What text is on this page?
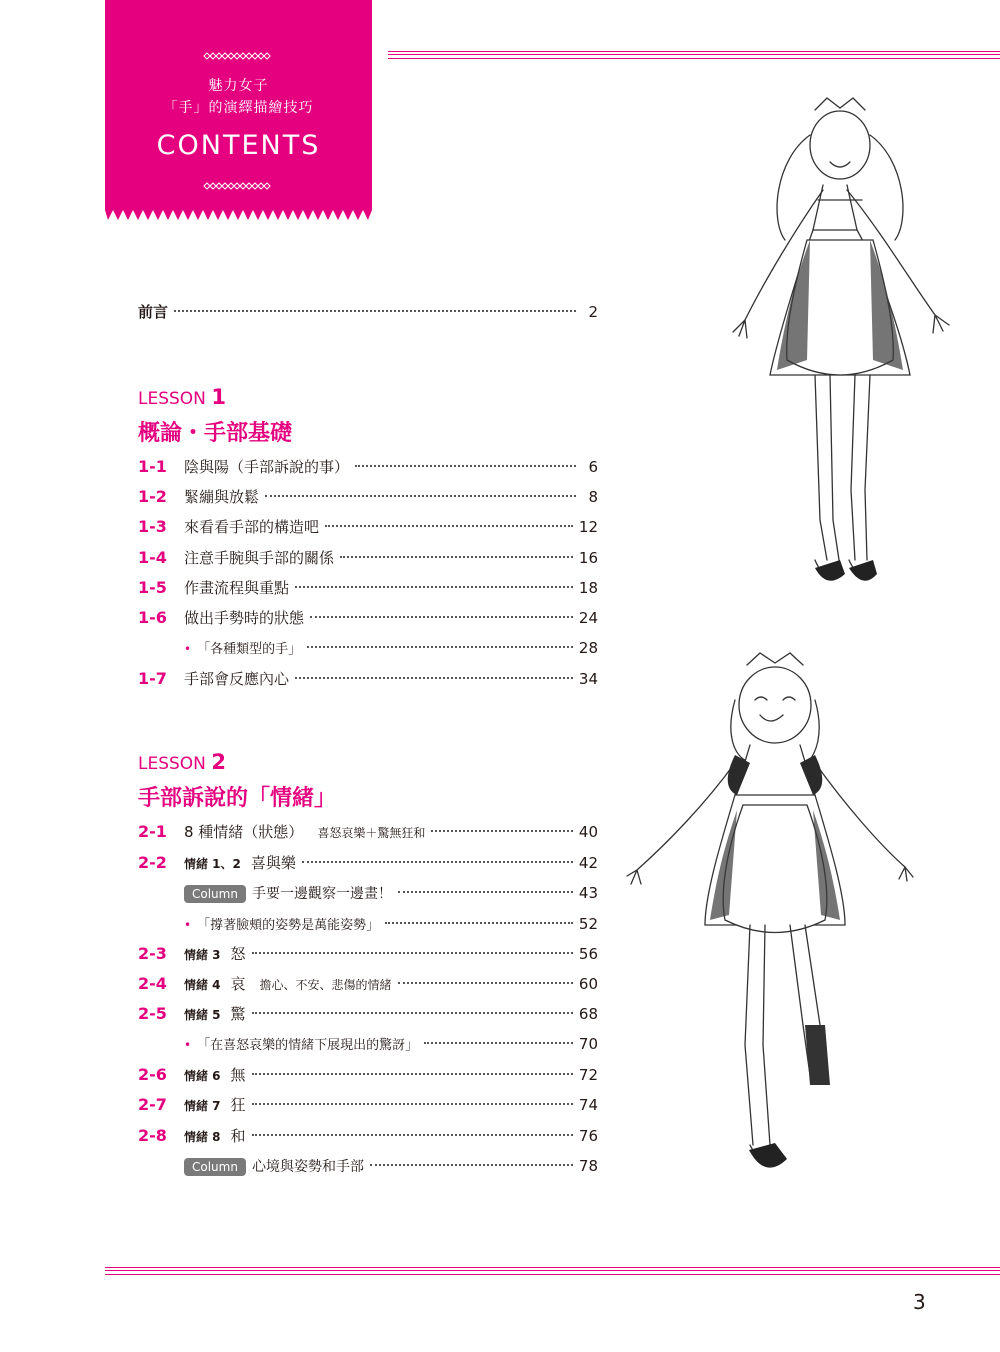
魅力女子
「手」的演繹描繪技巧
CONTENTS
前言	2
LESSON 1
概論・手部基礎
1-1	陰與陽（手部訴說的事）	6
1-2	緊繃與放鬆	8
1-3	來看看手部的構造吧	12
1-4	注意手腕與手部的關係	16
1-5	作畫流程與重點	18
1-6	做出手勢時的狀態	24
• 「各種類型的手」	28
1-7	手部會反應內心	34
LESSON 2
手部訴說的「情緒」
2-1	8 種情緒（狀態） 喜怒哀樂＋驚無狂和	40
2-2	情緒 1、2 喜與樂	42
Column	手要一邊觀察一邊畫！	43
• 「撐著臉頰的姿勢是萬能姿勢」	52
2-3	情緒 3 怒	56
2-4	情緒 4 哀 擔心、不安、悲傷的情緒	60
2-5	情緒 5 驚	68
• 「在喜怒哀樂的情緒下展現出的驚訝」	70
2-6	情緒 6 無	72
2-7	情緒 7 狂	74
2-8	情緒 8 和	76
Column	心境與姿勢和手部	78
3
